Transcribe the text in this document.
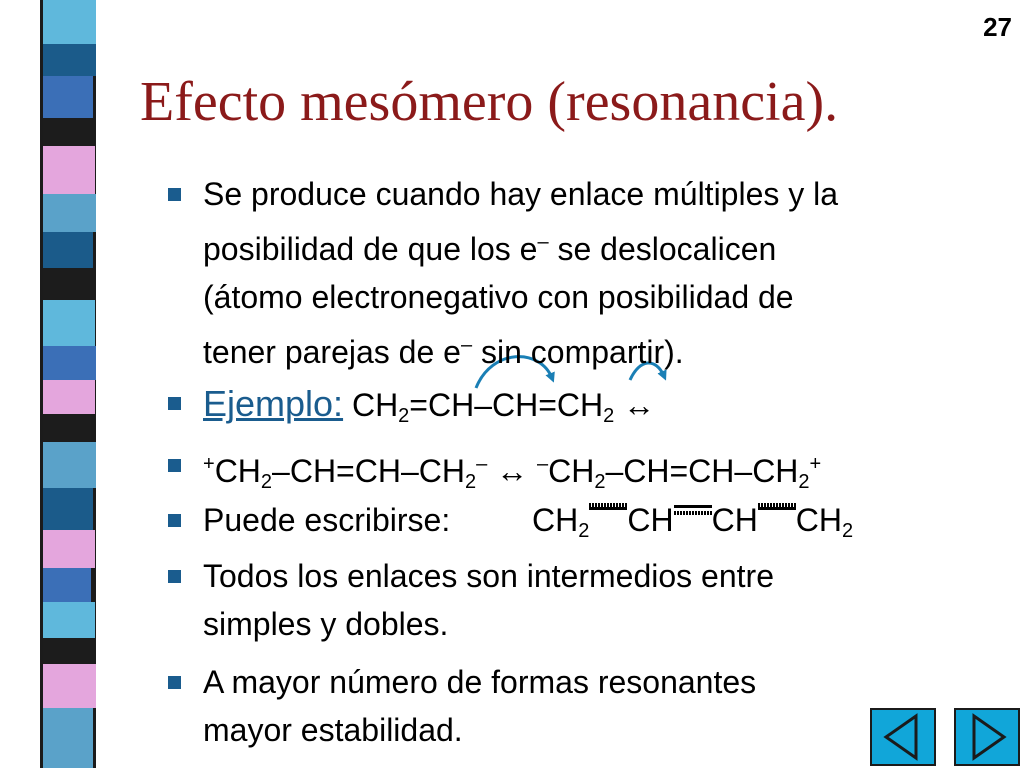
27
Efecto mesómero (resonancia).
Se produce cuando hay enlace múltiples y la
posibilidad de que los e– se deslocalicen
(átomo electronegativo con posibilidad de
tener parejas de e– sin compartir).
Ejemplo: $CH_2=CH-CH=CH_2$ ↔
$^+CH_2-CH=CH-CH_2^-$ ↔ $^-CH_2-CH=CH-CH_2^+$
Puede escribirse:	$CH_2$ CH CH $CH_2$
Todos los enlaces son intermedios entre
simples y dobles.
A mayor número de formas resonantes
mayor estabilidad.
